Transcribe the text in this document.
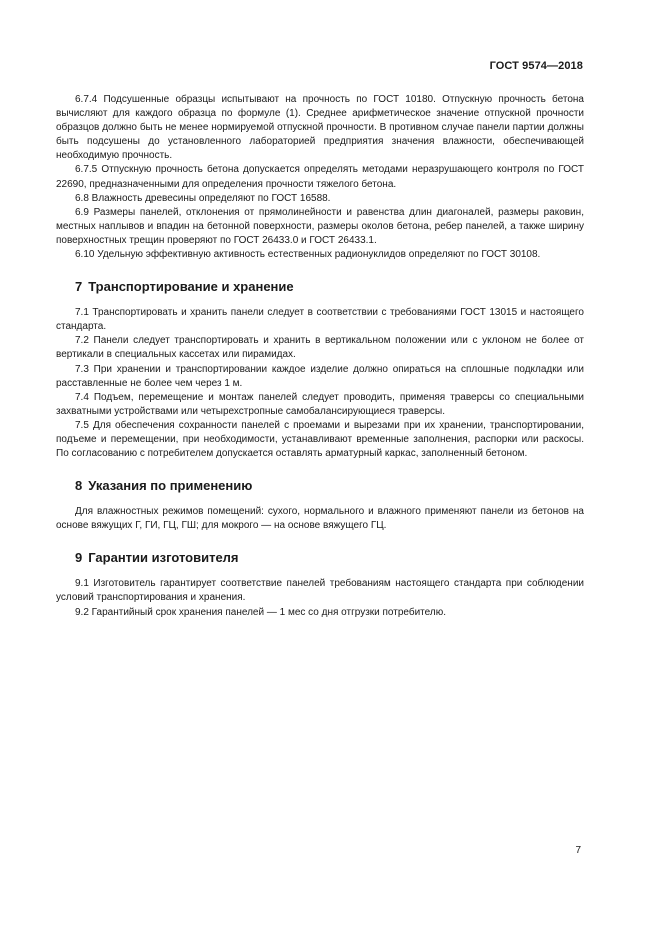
ГОСТ 9574—2018

6.7.4 Подсушенные образцы испытывают на прочность по ГОСТ 10180. Отпускную прочность бетона вычисляют для каждого образца по формуле (1). Среднее арифметическое значение отпускной прочности образцов должно быть не менее нормируемой отпускной прочности. В противном случае панели партии должны быть подсушены до установленного лабораторией предприятия значения влажности, обеспечивающей необходимую прочность.

6.7.5 Отпускную прочность бетона допускается определять методами неразрушающего контроля по ГОСТ 22690, предназначенными для определения прочности тяжелого бетона.

6.8 Влажность древесины определяют по ГОСТ 16588.

6.9 Размеры панелей, отклонения от прямолинейности и равенства длин диагоналей, размеры раковин, местных наплывов и впадин на бетонной поверхности, размеры околов бетона, ребер панелей, а также ширину поверхностных трещин проверяют по ГОСТ 26433.0 и ГОСТ 26433.1.

6.10 Удельную эффективную активность естественных радионуклидов определяют по ГОСТ 30108.

7 Транспортирование и хранение

7.1 Транспортировать и хранить панели следует в соответствии с требованиями ГОСТ 13015 и настоящего стандарта.

7.2 Панели следует транспортировать и хранить в вертикальном положении или с уклоном не более от вертикали в специальных кассетах или пирамидах.

7.3 При хранении и транспортировании каждое изделие должно опираться на сплошные подкладки или расставленные не более чем через 1 м.

7.4 Подъем, перемещение и монтаж панелей следует проводить, применяя траверсы со специальными захватными устройствами или четырехстропные самобалансирующиеся траверсы.

7.5 Для обеспечения сохранности панелей с проемами и вырезами при их хранении, транспортировании, подъеме и перемещении, при необходимости, устанавливают временные заполнения, распорки или раскосы. По согласованию с потребителем допускается оставлять арматурный каркас, заполненный бетоном.

8 Указания по применению

Для влажностных режимов помещений: сухого, нормального и влажного применяют панели из бетонов на основе вяжущих Г, ГИ, ГЦ, ГШ; для мокрого — на основе вяжущего ГЦ.

9 Гарантии изготовителя

9.1 Изготовитель гарантирует соответствие панелей требованиям настоящего стандарта при соблюдении условий транспортирования и хранения.

9.2 Гарантийный срок хранения панелей — 1 мес со дня отгрузки потребителю.

7
